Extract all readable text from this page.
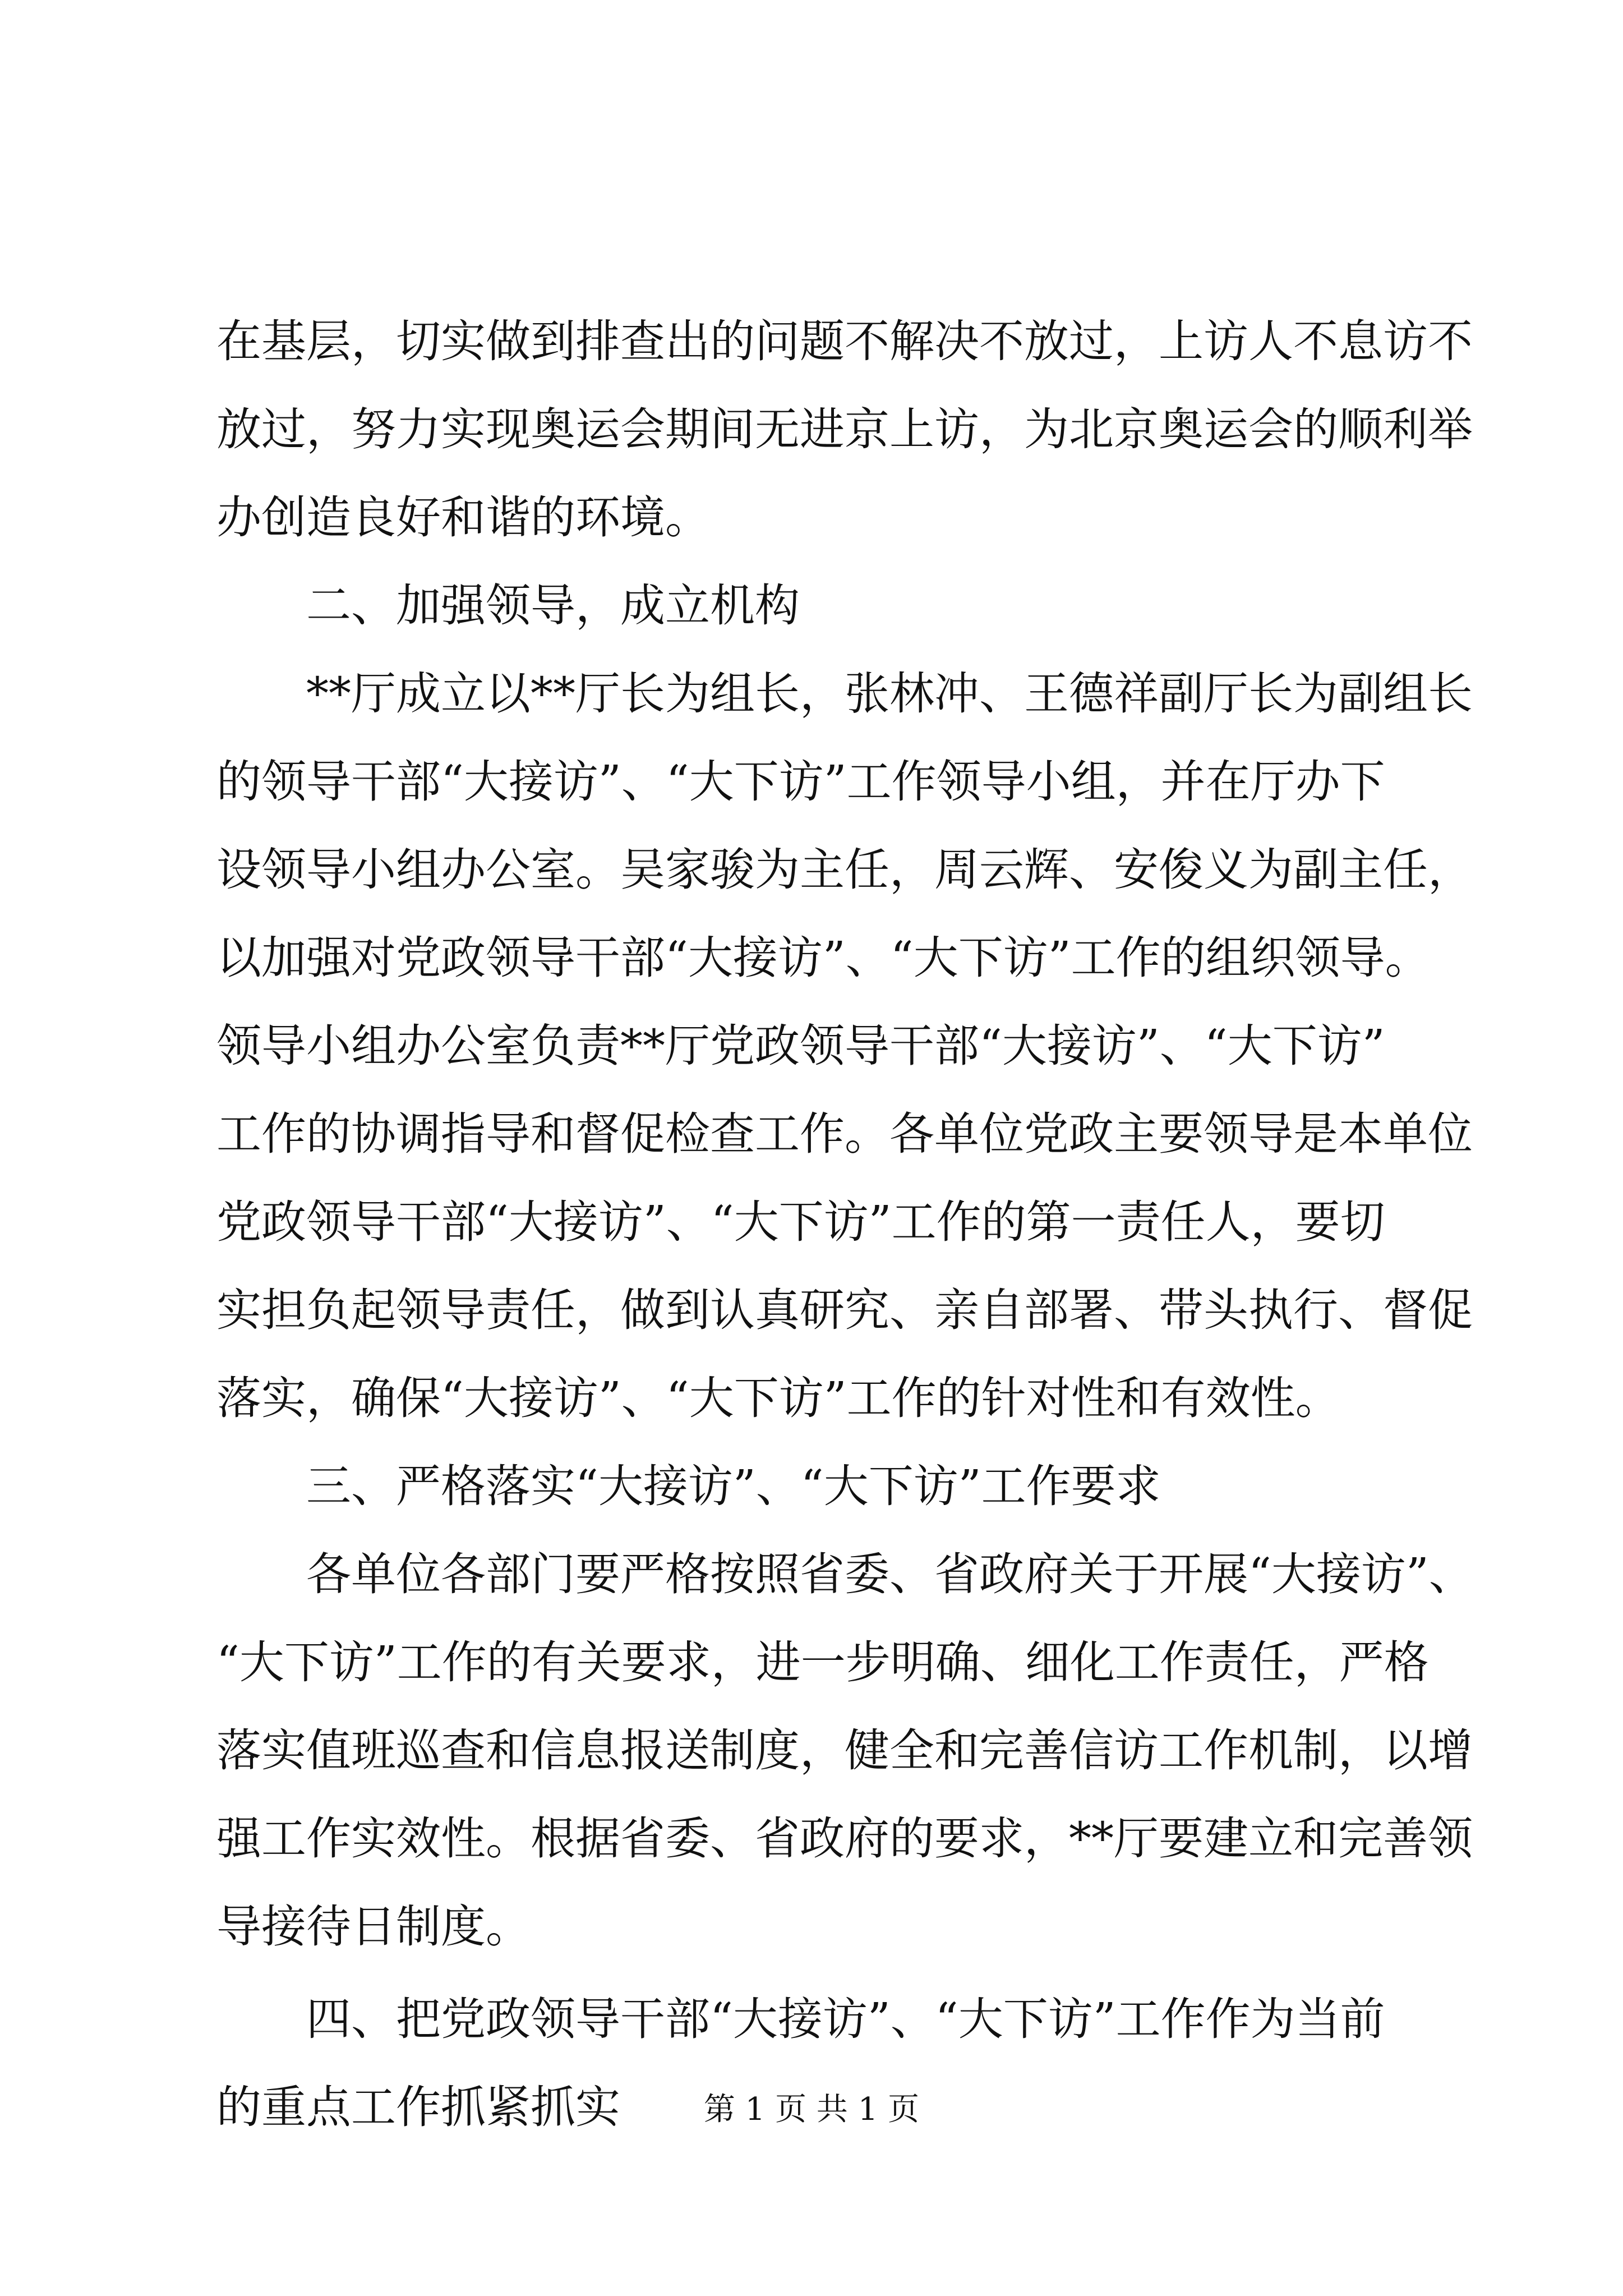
在基层，切实做到排查出的问题不解决不放过，上访人不息访不
放过，努力实现奥运会期间无进京上访，为北京奥运会的顺利举
办创造良好和谐的环境。
二、加强领导，成立机构
**厅成立以**厅长为组长，张林冲、王德祥副厅长为副组长
的领导干部“大接访”、“大下访”工作领导小组，并在厅办下
设领导小组办公室。吴家骏为主任，周云辉、安俊义为副主任，
以加强对党政领导干部“大接访”、“大下访”工作的组织领导。
领导小组办公室负责**厅党政领导干部“大接访”、“大下访”
工作的协调指导和督促检查工作。各单位党政主要领导是本单位
党政领导干部“大接访”、“大下访”工作的第一责任人，要切
实担负起领导责任，做到认真研究、亲自部署、带头执行、督促
落实，确保“大接访”、“大下访”工作的针对性和有效性。
三、严格落实“大接访”、“大下访”工作要求
各单位各部门要严格按照省委、省政府关于开展“大接访”、
“大下访”工作的有关要求，进一步明确、细化工作责任，严格
落实值班巡查和信息报送制度，健全和完善信访工作机制，以增
强工作实效性。根据省委、省政府的要求，**厅要建立和完善领
导接待日制度。
四、把党政领导干部“大接访”、“大下访”工作作为当前
的重点工作抓紧抓实	第 1 页 共 1 页
